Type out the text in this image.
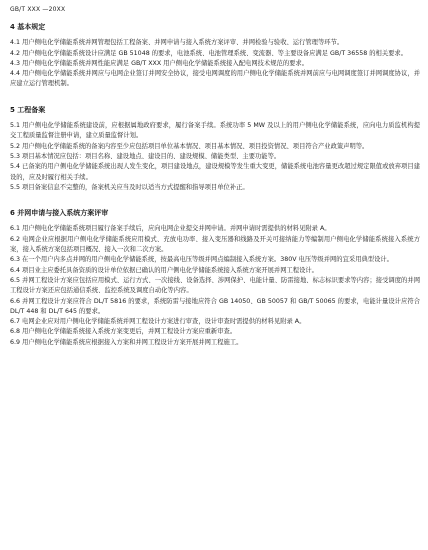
GB/T XXX —20XX
4 基本规定

4.1 用户侧电化学储能系统并网管理包括工程备案、并网申请与接入系统方案评审、并网检验与验收、运行管理等环节。

4.2 用户侧电化学储能系统设计应满足 GB 51048 的要求，电池系统、电池管理系统、变流器、等主要设备应满足 GB/T 36558 的相关要求。

4.3 用户侧电化学储能系统并网性能应满足 GB/T XXX 用户侧电化学储能系统接入配电网技术规范的要求。

4.4 用户侧电化学储能系统并网应与电网企业签订并网安全协议，接受电网调度的用户侧电化学储能系统并网前应与电网调度签订并网调度协议，并应建立运行管理机制。

5 工程备案

5.1 用户侧电化学储能系统建设前，应根据属地政府要求，履行备案手续。系统功率 5 MW 及以上的用户侧电化学储能系统，应向电力质监机构提交工程质量监督注册申请，建立质量监督计划。

5.2 用户侧电化学储能系统的备案内容至少应包括项目单位基本情况、项目基本情况、项目投资情况、项目符合产业政策声明等。

5.3 项目基本情况应包括：项目名称、建设地点、建设目的、建设规模、储能类型、主要功能等。

5.4 已备案的用户侧电化学储能系统出现人发生变化，项目建设地点，建设规模等发生重大变更，储能系统电池容量更改超过规定限值或放弃项目建设的，应及时履行相关手续。

5.5 项目备案信息不完整的，备案机关应当及时以适当方式提醒和指导项目单位补正。

6 并网申请与接入系统方案评审

6.1 用户侧电化学储能系统项目履行备案手续后，应向电网企业提交并网申请。并网申请时需提供的材料见附录 A。

6.2 电网企业应根据用户侧电化学储能系统应用模式、充放电功率、接入变压器和线路及开关可接纳能力等编制用户侧电化学储能系统接入系统方案，接入系统方案包括项目概况、接入一次和二次方案。

6.3 在一个用户内多点并网的用户侧电化学储能系统，按最高电压等级并网点编制接入系统方案。380V 电压等级并网的宜采用典型设计。

6.4 项目业主应委托具备资质的设计单位依据已确认的用户侧电化学储能系统接入系统方案开展并网工程设计。

6.5 并网工程设计方案应包括应用模式、运行方式、一次接线、设备选择、涉网保护、电能计量、防雷接地、标志标识要求等内容；接受调度的并网工程设计方案还应包括通信系统、监控系统及调度自动化等内容。

6.6 并网工程设计方案应符合 DL/T 5816 的要求，系统防雷与接地应符合 GB 14050、GB 50057 和 GB/T 50065 的要求，电能计量设计应符合 DL/T 448 和 DL/T 645 的要求。

6.7 电网企业应对用户侧电化学储能系统并网工程设计方案进行审查，设计审查时需提供的材料见附录 A。

6.8 用户侧电化学储能系统接入系统方案变更后，并网工程设计方案应重新审查。

6.9 用户侧电化学储能系统应根据接入方案和并网工程设计方案开展并网工程施工。
